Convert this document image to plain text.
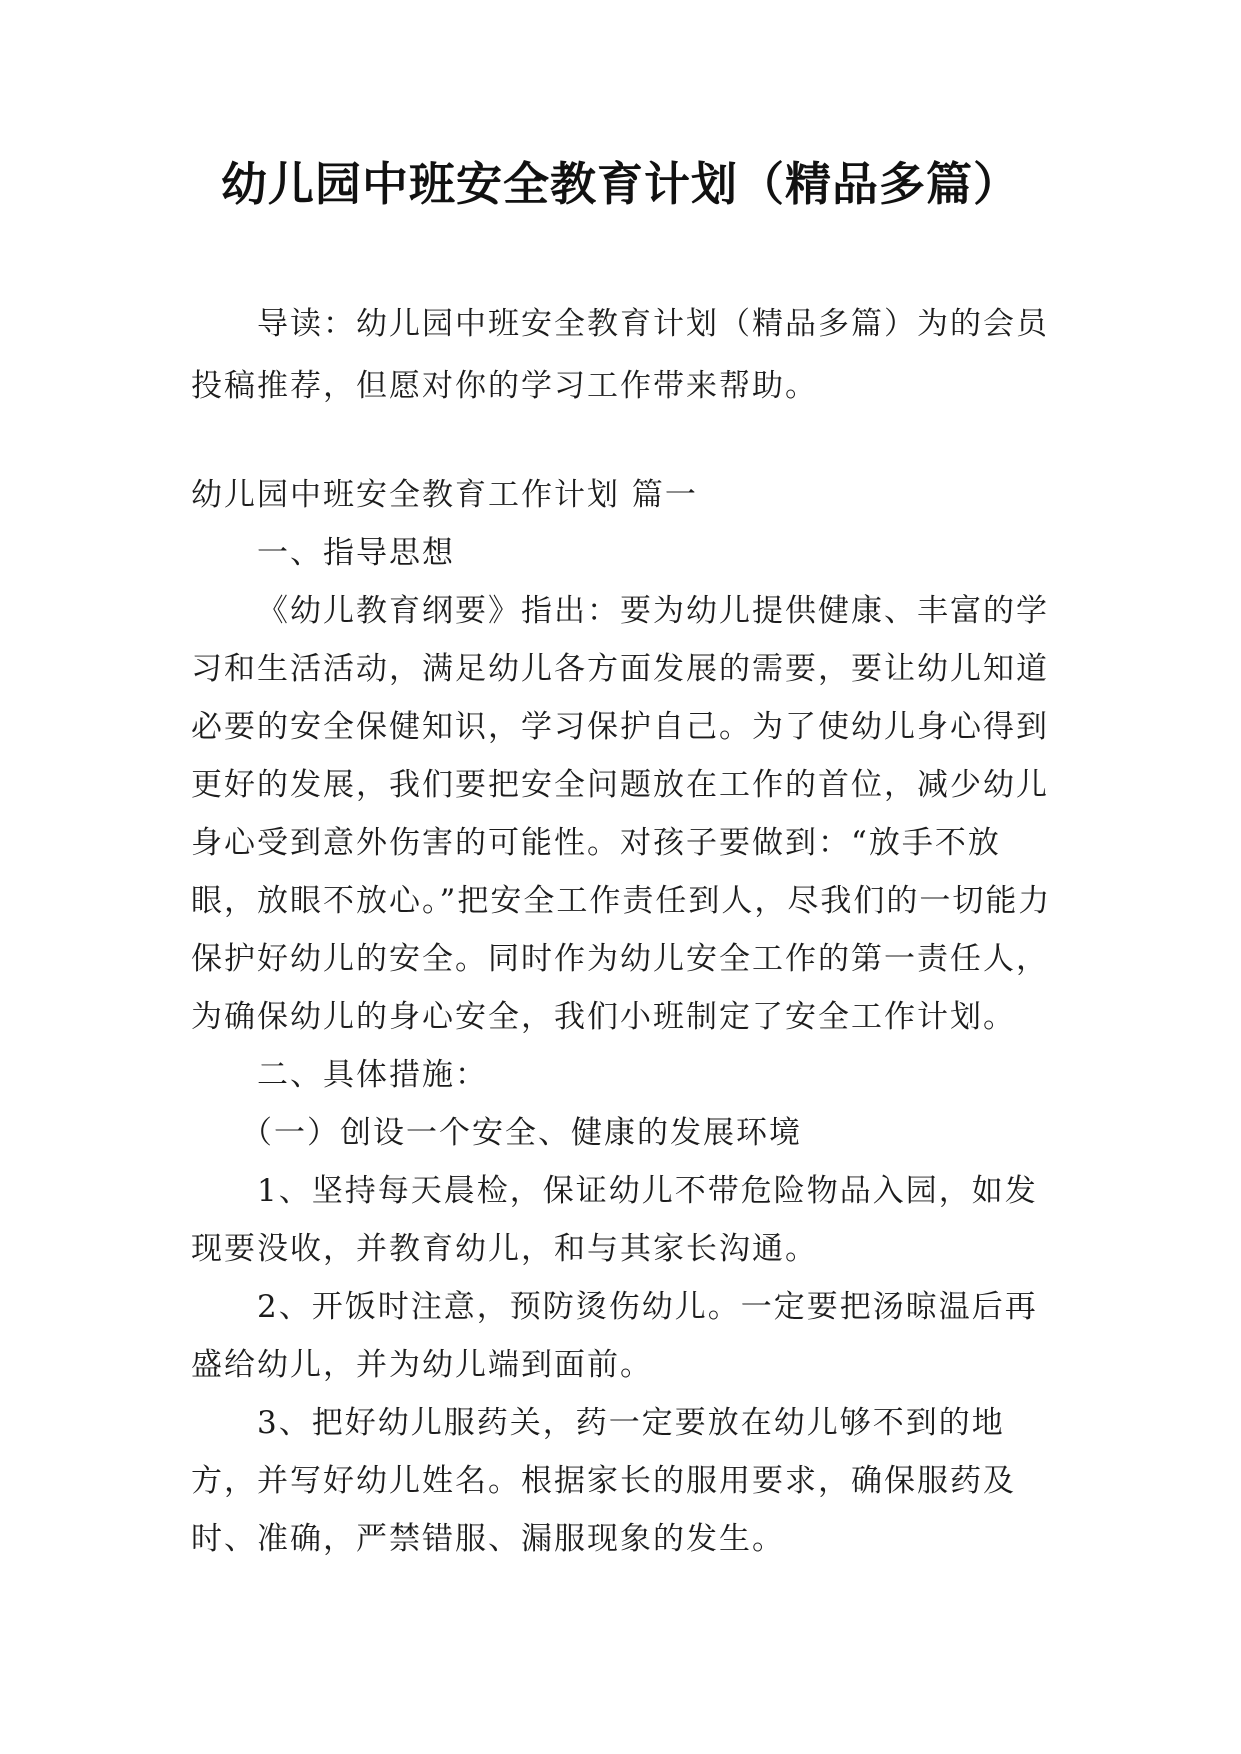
幼儿园中班安全教育计划（精品多篇）

导读：幼儿园中班安全教育计划（精品多篇）为的会员投稿推荐，但愿对你的学习工作带来帮助。

幼儿园中班安全教育工作计划 篇一

一、指导思想

《幼儿教育纲要》指出：要为幼儿提供健康、丰富的学习和生活活动，满足幼儿各方面发展的需要，要让幼儿知道必要的安全保健知识，学习保护自己。为了使幼儿身心得到更好的发展，我们要把安全问题放在工作的首位，减少幼儿身心受到意外伤害的可能性。对孩子要做到：“放手不放眼，放眼不放心。”把安全工作责任到人，尽我们的一切能力保护好幼儿的安全。同时作为幼儿安全工作的第一责任人，为确保幼儿的身心安全，我们小班制定了安全工作计划。

二、具体措施：

（一）创设一个安全、健康的发展环境

1、坚持每天晨检，保证幼儿不带危险物品入园，如发现要没收，并教育幼儿，和与其家长沟通。

2、开饭时注意，预防烫伤幼儿。一定要把汤晾温后再盛给幼儿，并为幼儿端到面前。

3、把好幼儿服药关，药一定要放在幼儿够不到的地方，并写好幼儿姓名。根据家长的服用要求，确保服药及时、准确，严禁错服、漏服现象的发生。
